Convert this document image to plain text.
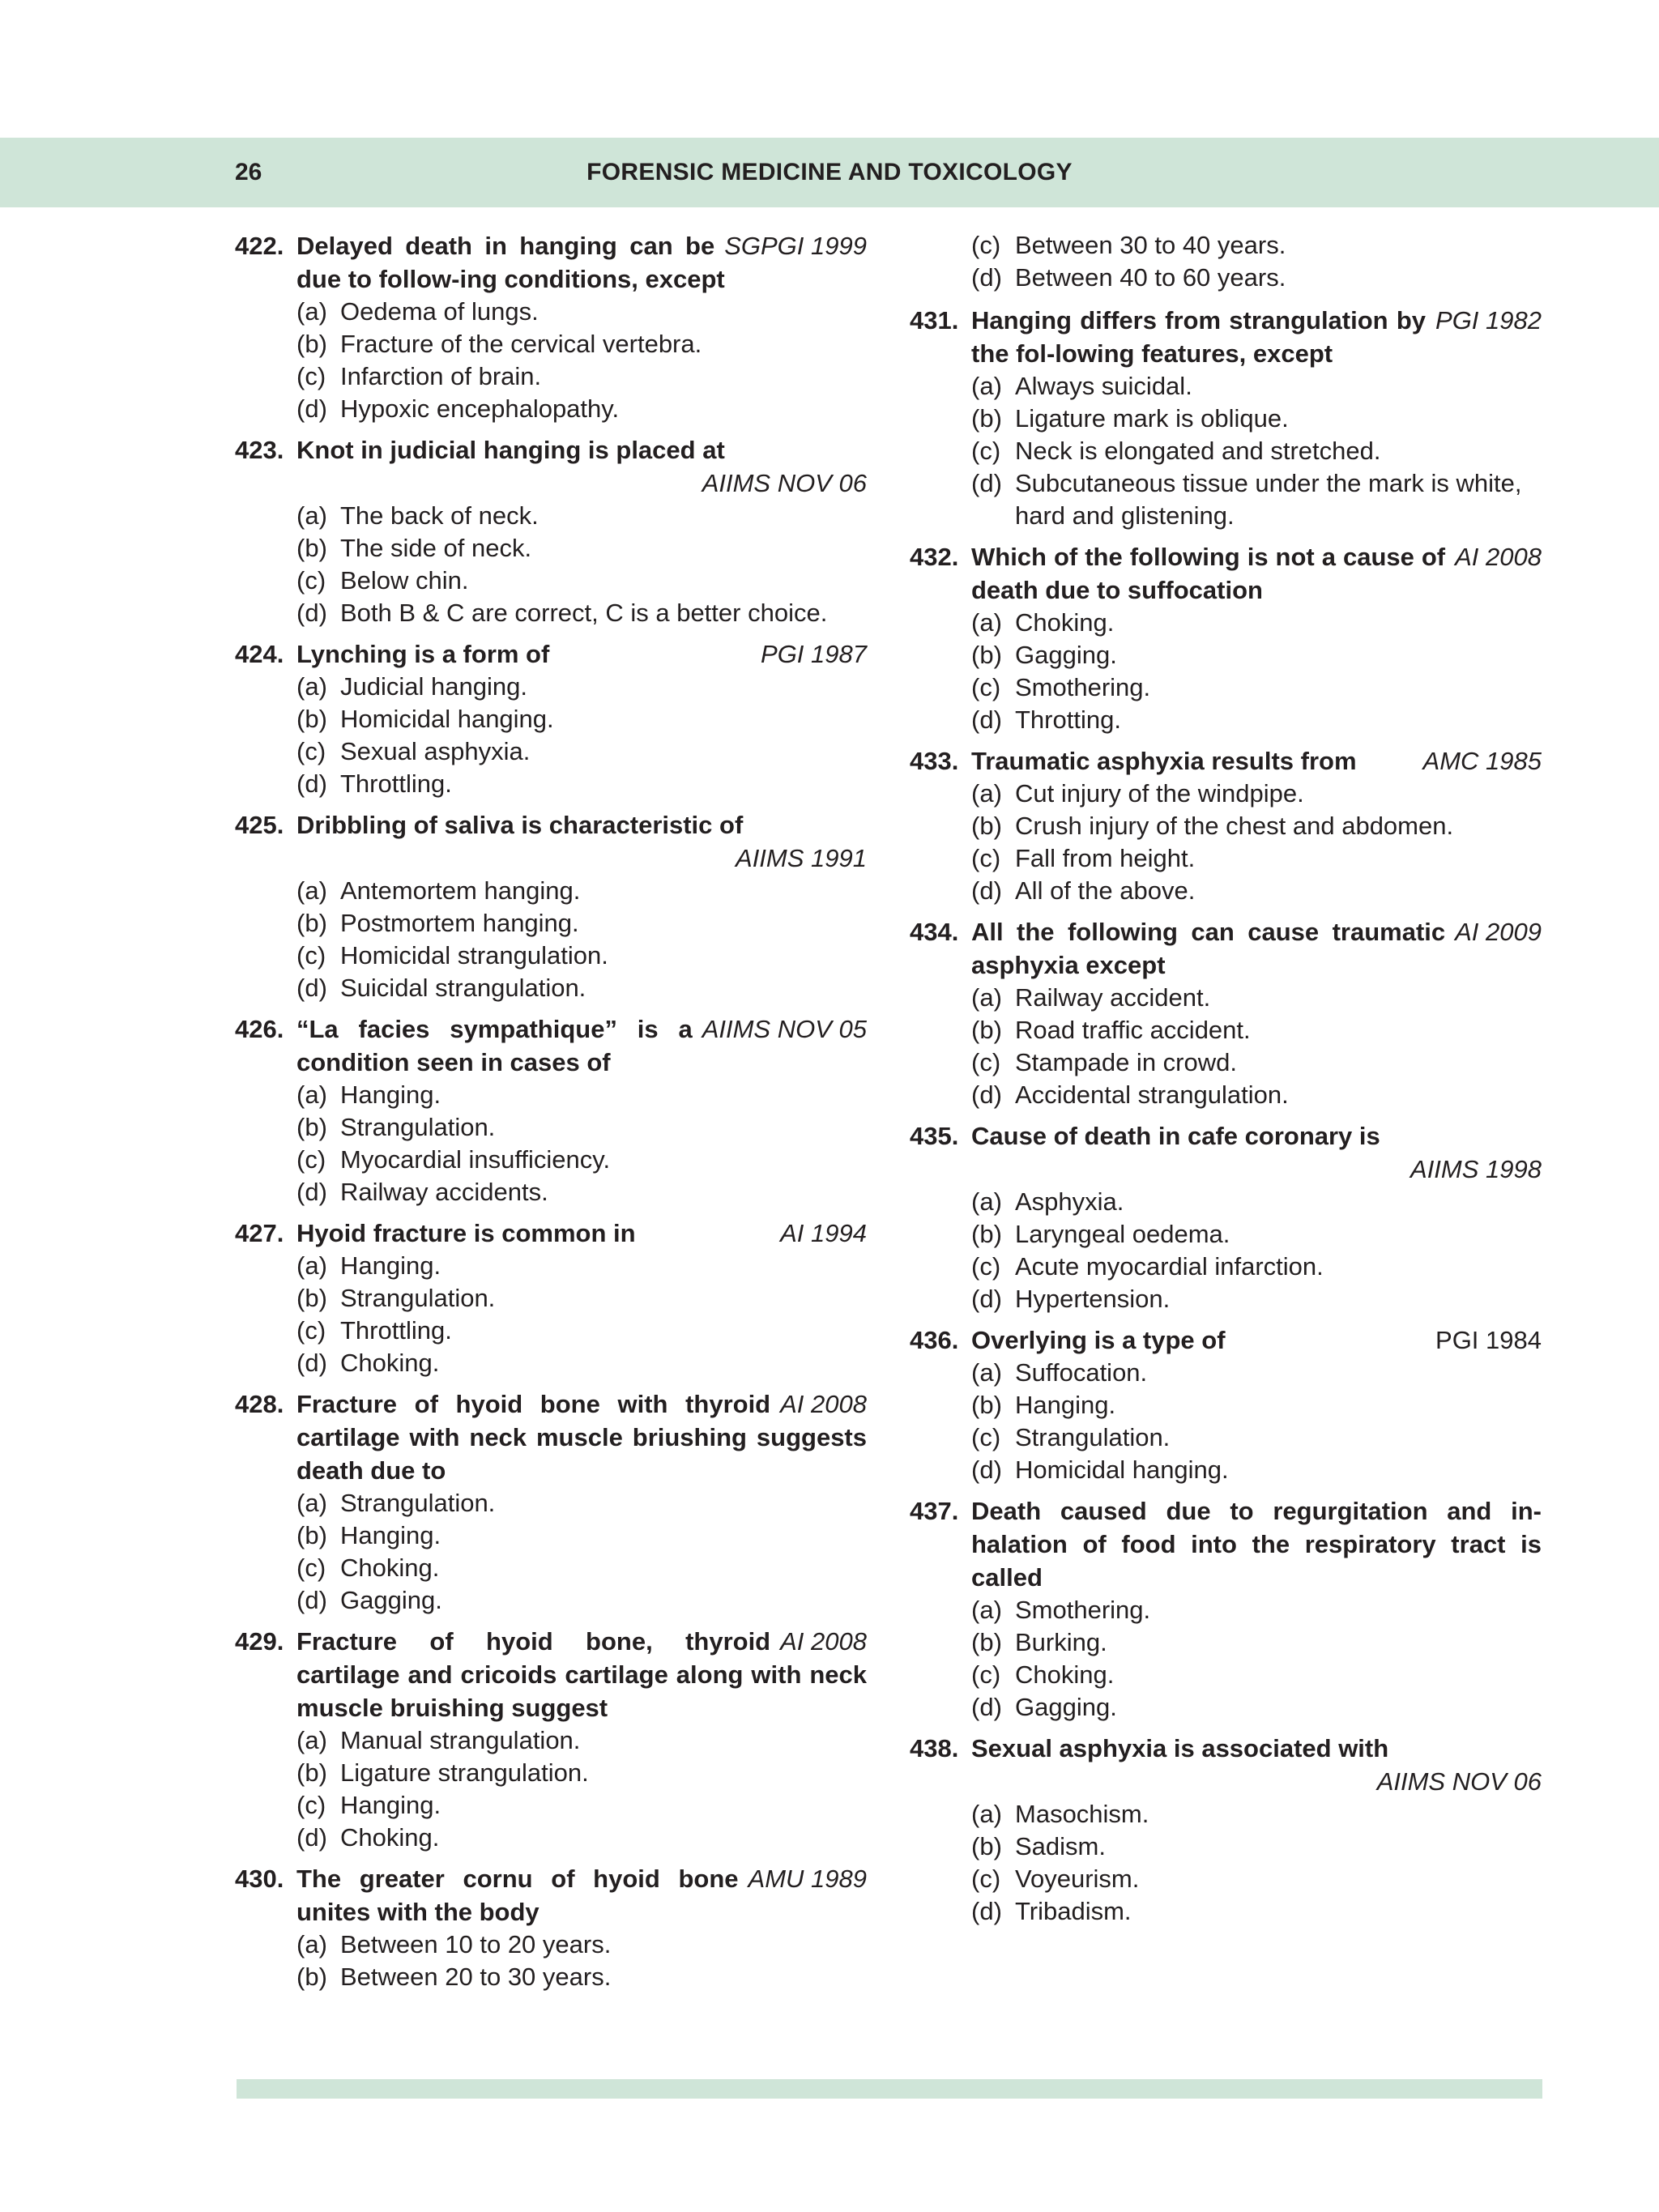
26	FORENSIC MEDICINE AND TOXICOLOGY
422.	SGPGI 1999
Delayed death in hanging can be due to follow-ing conditions, except
(a) Oedema of lungs.
(b) Fracture of the cervical vertebra.
(c) Infarction of brain.
(d) Hypoxic encephalopathy.
423. Knot in judicial hanging is placed at
AIIMS NOV 06
(a) The back of neck.
(b) The side of neck.
(c) Below chin.
(d) Both B & C are correct, C is a better choice.
424.	PGI 1987
Lynching is a form of
(a) Judicial hanging.
(b) Homicidal hanging.
(c) Sexual asphyxia.
(d) Throttling.
425. Dribbling of saliva is characteristic of
AIIMS 1991
(a) Antemortem hanging.
(b) Postmortem hanging.
(c) Homicidal strangulation.
(d) Suicidal strangulation.
426.	AIIMS NOV 05
“La facies sympathique” is a condition seen in cases of
(a) Hanging.
(b) Strangulation.
(c) Myocardial insufficiency.
(d) Railway accidents.
427.	AI 1994
Hyoid fracture is common in
(a) Hanging.
(b) Strangulation.
(c) Throttling.
(d) Choking.
428.	AI 2008
Fracture of hyoid bone with thyroid cartilage with neck muscle briushing suggests death due to
(a) Strangulation.
(b) Hanging.
(c) Choking.
(d) Gagging.
429.	AI 2008
Fracture of hyoid bone, thyroid cartilage and cricoids cartilage along with neck muscle bruishing suggest
(a) Manual strangulation.
(b) Ligature strangulation.
(c) Hanging.
(d) Choking.
430.	AMU 1989
The greater cornu of hyoid bone unites with the body
(a) Between 10 to 20 years.
(b) Between 20 to 30 years.
(c) Between 30 to 40 years.
(d) Between 40 to 60 years.
431.	PGI 1982
Hanging differs from strangulation by the fol-lowing features, except
(a) Always suicidal.
(b) Ligature mark is oblique.
(c) Neck is elongated and stretched.
(d) Subcutaneous tissue under the mark is white, hard and glistening.
432.	AI 2008
Which of the following is not a cause of death due to suffocation
(a) Choking.
(b) Gagging.
(c) Smothering.
(d) Throtting.
433.	AMC 1985
Traumatic asphyxia results from
(a) Cut injury of the windpipe.
(b) Crush injury of the chest and abdomen.
(c) Fall from height.
(d) All of the above.
434.	AI 2009
All the following can cause traumatic asphyxia except
(a) Railway accident.
(b) Road traffic accident.
(c) Stampade in crowd.
(d) Accidental strangulation.
435. Cause of death in cafe coronary is
AIIMS 1998
(a) Asphyxia.
(b) Laryngeal oedema.
(c) Acute myocardial infarction.
(d) Hypertension.
436.	PGI 1984
Overlying is a type of
(a) Suffocation.
(b) Hanging.
(c) Strangulation.
(d) Homicidal hanging.
437. Death caused due to regurgitation and in-halation of food into the respiratory tract is called
(a) Smothering.
(b) Burking.
(c) Choking.
(d) Gagging.
438. Sexual asphyxia is associated with
AIIMS NOV 06
(a) Masochism.
(b) Sadism.
(c) Voyeurism.
(d) Tribadism.
